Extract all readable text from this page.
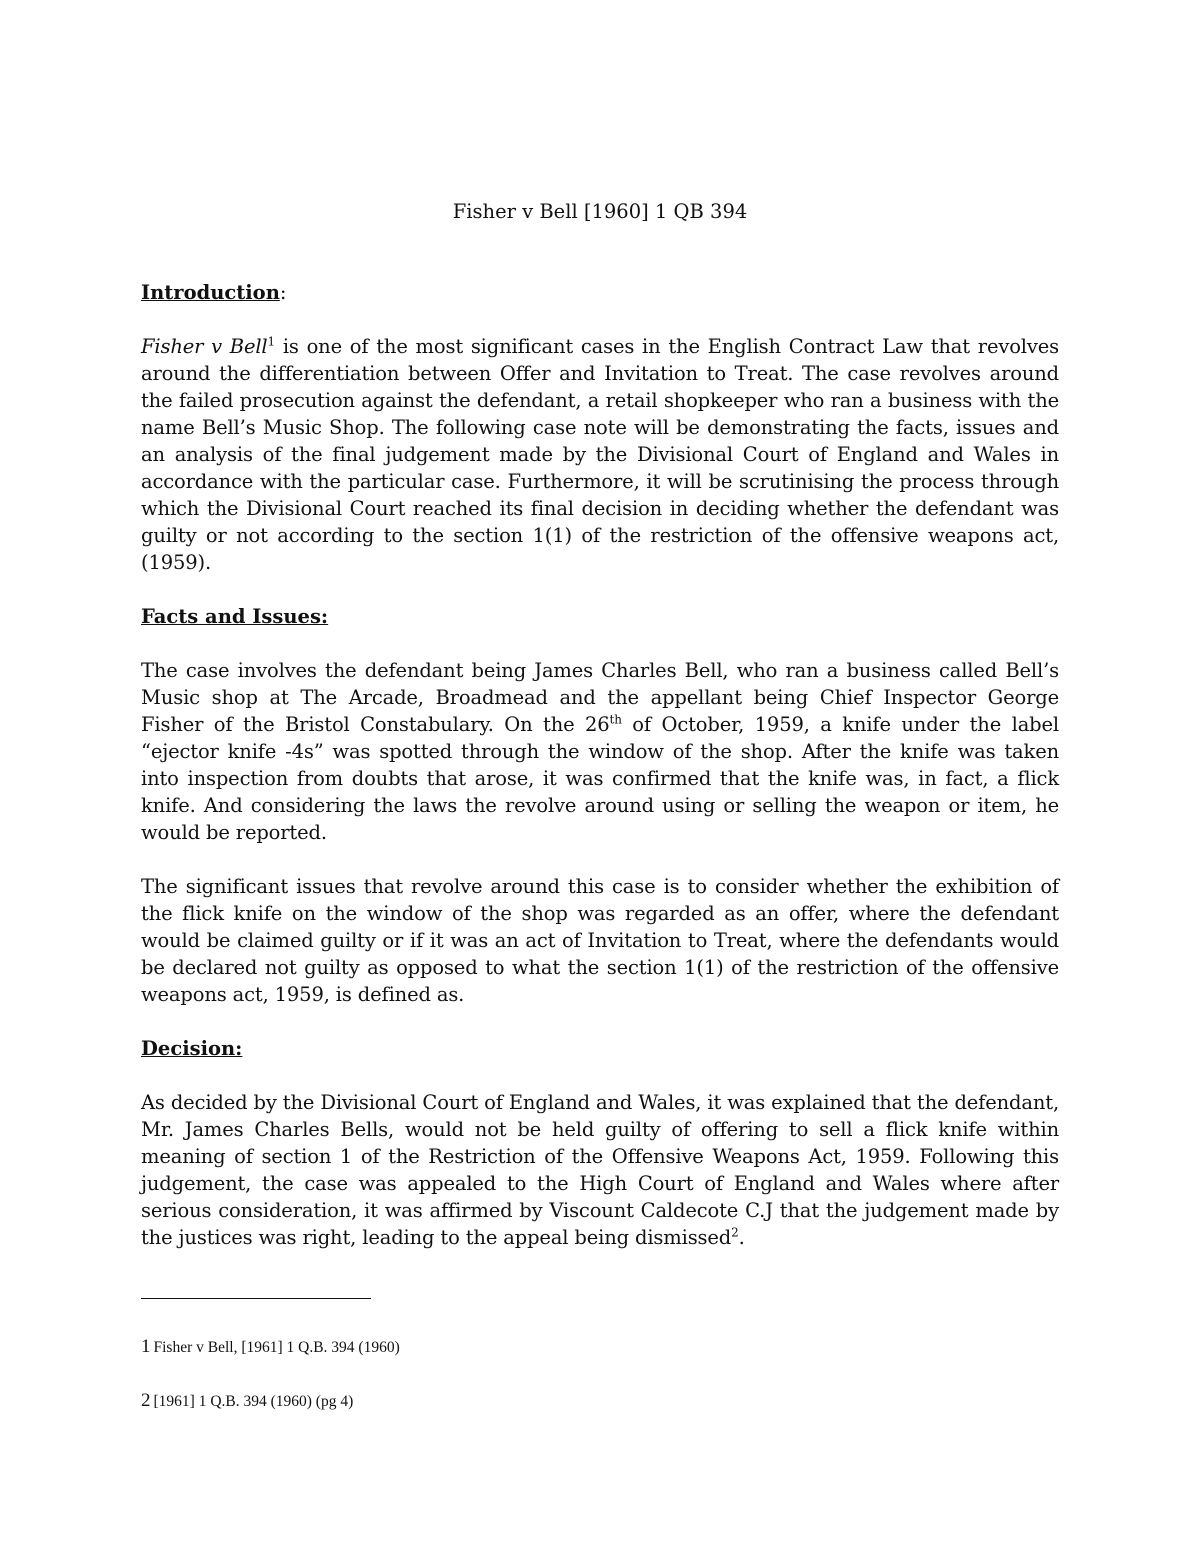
Fisher v Bell [1960] 1 QB 394
Introduction:

Fisher v Bell$^1$ is one of the most significant cases in the English Contract Law that revolves around the differentiation between Offer and Invitation to Treat. The case revolves around the failed prosecution against the defendant, a retail shopkeeper who ran a business with the name Bell’s Music Shop. The following case note will be demonstrating the facts, issues and an analysis of the final judgement made by the Divisional Court of England and Wales in accordance with the particular case. Furthermore, it will be scrutinising the process through which the Divisional Court reached its final decision in deciding whether the defendant was guilty or not according to the section 1(1) of the restriction of the offensive weapons act, (1959).

Facts and Issues:

The case involves the defendant being James Charles Bell, who ran a business called Bell’s Music shop at The Arcade, Broadmead and the appellant being Chief Inspector George Fisher of the Bristol Constabulary. On the 26th of October, 1959, a knife under the label “ejector knife -4s” was spotted through the window of the shop. After the knife was taken into inspection from doubts that arose, it was confirmed that the knife was, in fact, a flick knife. And considering the laws the revolve around using or selling the weapon or item, he would be reported.

The significant issues that revolve around this case is to consider whether the exhibition of the flick knife on the window of the shop was regarded as an offer, where the defendant would be claimed guilty or if it was an act of Invitation to Treat, where the defendants would be declared not guilty as opposed to what the section 1(1) of the restriction of the offensive weapons act, 1959, is defined as.

Decision:

As decided by the Divisional Court of England and Wales, it was explained that the defendant, Mr. James Charles Bells, would not be held guilty of offering to sell a flick knife within meaning of section 1 of the Restriction of the Offensive Weapons Act, 1959. Following this judgement, the case was appealed to the High Court of England and Wales where after serious consideration, it was affirmed by Viscount Caldecote C.J that the judgement made by the justices was right, leading to the appeal being dismissed$^2$.

1 Fisher v Bell, [1961] 1 Q.B. 394 (1960)
2 [1961] 1 Q.B. 394 (1960) (pg 4)
